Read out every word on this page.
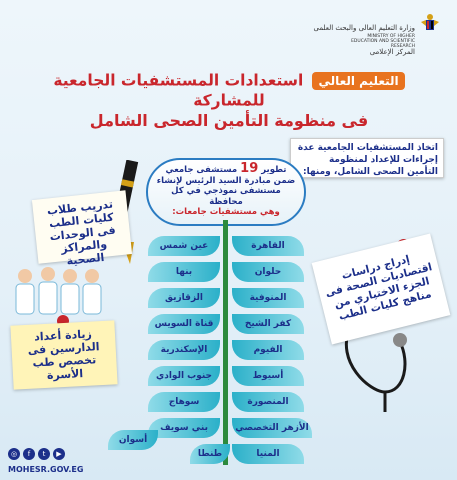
وزارة التعليم العالى والبحث العلمى
MINISTRY OF HIGHER EDUCATION AND SCIENTIFIC RESEARCH
المركز الإعلامى
التعليم العالي استعدادات المستشفيات الجامعية للمشاركة
فى منظومة التأمين الصحى الشامل

اتخاذ المستشفيات الجامعية عدة إجراءات للإعداد لمنظومة التأمين الصحى الشامل، ومنها:

تدريب طلاب كليات الطب فى الوحدات والمراكز الصحية	إدراج دراسات اقتصاديات الصحة فى الجزء الاختياري من مناهج كليات الطب

زيادة أعداد الدارسين فى تخصص طب الأسرة

تطوير 19 مستشفى جامعي ضمن مبادرة السيد الرئيس لإنشاء مستشفى نموذجي في كل محافظة
وهي مستشفيات جامعات:

القاهرة
حلوان
المنوفية
كفر الشيخ
الفيوم
أسيوط
المنصورة
الأزهر التخصصي
المنيا
عين شمس
بنها
الزقازيق
قناة السويس
الإسكندرية
جنوب الوادي
سوهاج
بني سويف
طنطا
أسوان
◎	f	t	▶
MOHESR.GOV.EG
